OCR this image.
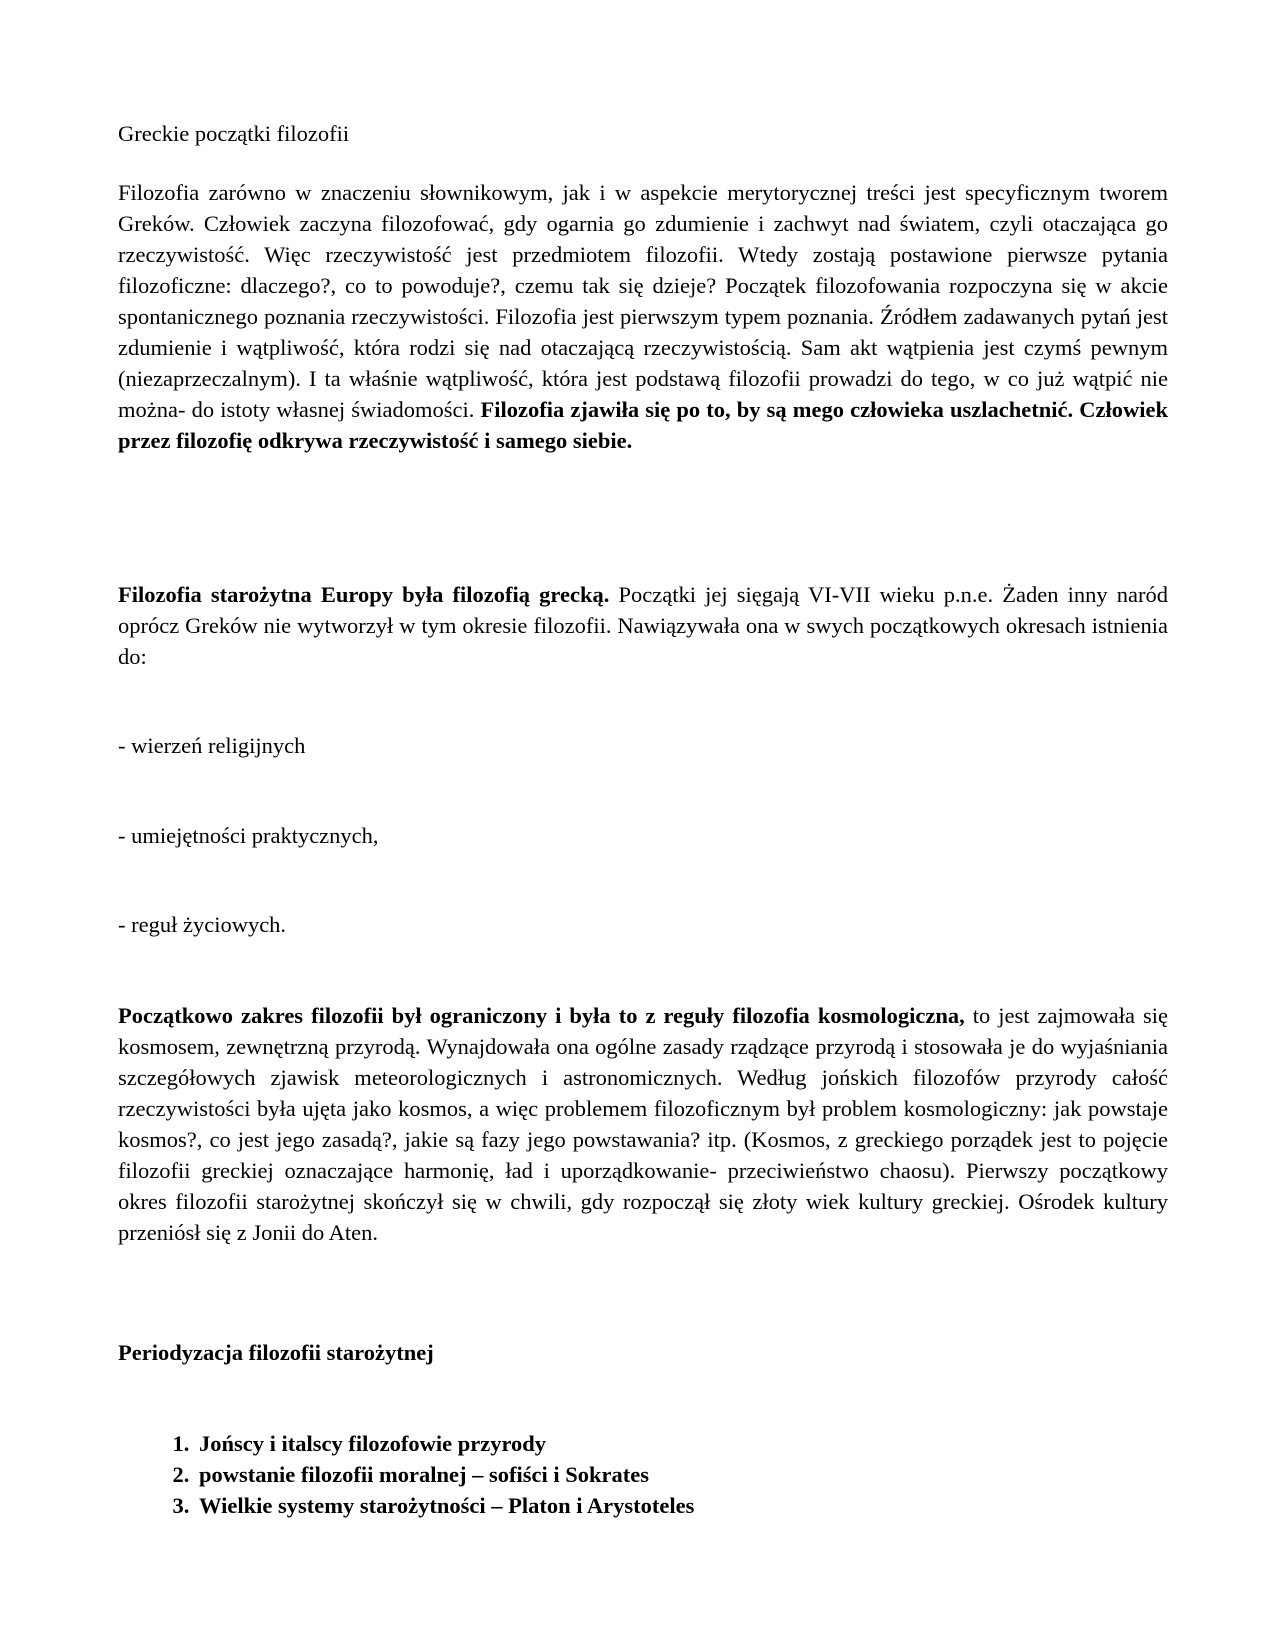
Greckie początki filozofii

Filozofia zarówno w znaczeniu słownikowym, jak i w aspekcie merytorycznej treści jest specyficznym tworem Greków. Człowiek zaczyna filozofować, gdy ogarnia go zdumienie i zachwyt nad światem, czyli otaczająca go rzeczywistość. Więc rzeczywistość jest przedmiotem filozofii. Wtedy zostają postawione pierwsze pytania filozoficzne: dlaczego?, co to powoduje?, czemu tak się dzieje? Początek filozofowania rozpoczyna się w akcie spontanicznego poznania rzeczywistości. Filozofia jest pierwszym typem poznania. Źródłem zadawanych pytań jest zdumienie i wątpliwość, która rodzi się nad otaczającą rzeczywistością. Sam akt wątpienia jest czymś pewnym (niezaprzeczalnym). I ta właśnie wątpliwość, która jest podstawą filozofii prowadzi do tego, w co już wątpić nie można- do istoty własnej świadomości. Filozofia zjawiła się po to, by są mego człowieka uszlachetnić. Człowiek przez filozofię odkrywa rzeczywistość i samego siebie.

Filozofia starożytna Europy była filozofią grecką. Początki jej sięgają VI-VII wieku p.n.e. Żaden inny naród oprócz Greków nie wytworzył w tym okresie filozofii. Nawiązywała ona w swych początkowych okresach istnienia do:

- wierzeń religijnych

- umiejętności praktycznych,

- reguł życiowych.

Początkowo zakres filozofii był ograniczony i była to z reguły filozofia kosmologiczna, to jest zajmowała się kosmosem, zewnętrzną przyrodą. Wynajdowała ona ogólne zasady rządzące przyrodą i stosowała je do wyjaśniania szczegółowych zjawisk meteorologicznych i astronomicznych. Według jońskich filozofów przyrody całość rzeczywistości była ujęta jako kosmos, a więc problemem filozoficznym był problem kosmologiczny: jak powstaje kosmos?, co jest jego zasadą?, jakie są fazy jego powstawania? itp. (Kosmos, z greckiego porządek jest to pojęcie filozofii greckiej oznaczające harmonię, ład i uporządkowanie- przeciwieństwo chaosu). Pierwszy początkowy okres filozofii starożytnej skończył się w chwili, gdy rozpoczął się złoty wiek kultury greckiej. Ośrodek kultury przeniósł się z Jonii do Aten.

Periodyzacja filozofii starożytnej

1. Jońscy i italscy filozofowie przyrody
2. powstanie filozofii moralnej – sofiści i Sokrates
3. Wielkie systemy starożytności – Platon i Arystoteles
